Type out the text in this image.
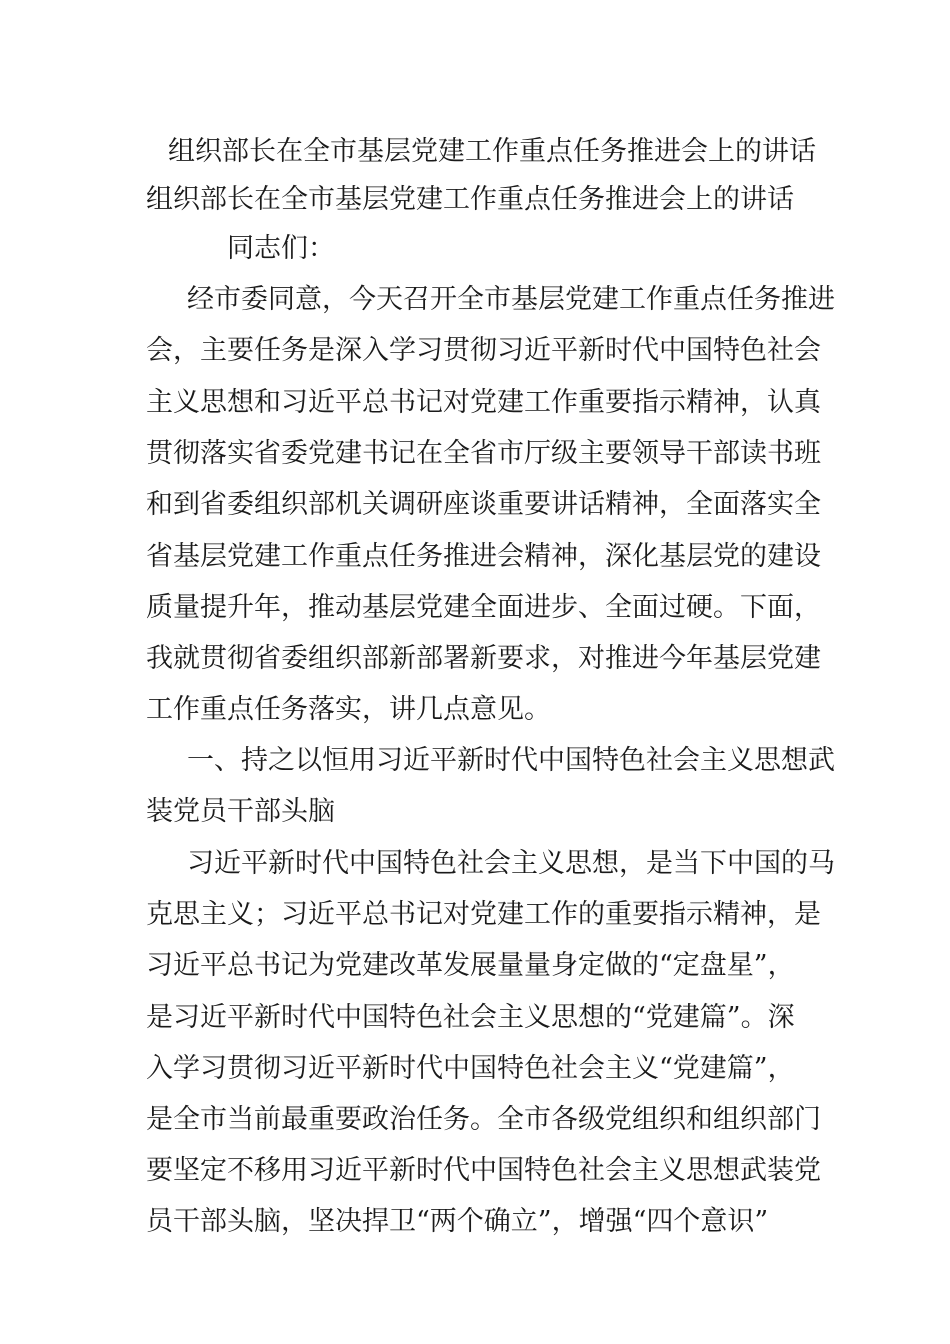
组织部长在全市基层党建工作重点任务推进会上的讲话
组织部长在全市基层党建工作重点任务推进会上的讲话
同志们：
经市委同意，今天召开全市基层党建工作重点任务推进
会，主要任务是深入学习贯彻习近平新时代中国特色社会
主义思想和习近平总书记对党建工作重要指示精神，认真
贯彻落实省委党建书记在全省市厅级主要领导干部读书班
和到省委组织部机关调研座谈重要讲话精神，全面落实全
省基层党建工作重点任务推进会精神，深化基层党的建设
质量提升年，推动基层党建全面进步、全面过硬。下面，
我就贯彻省委组织部新部署新要求，对推进今年基层党建
工作重点任务落实，讲几点意见。
一、持之以恒用习近平新时代中国特色社会主义思想武
装党员干部头脑
习近平新时代中国特色社会主义思想，是当下中国的马
克思主义；习近平总书记对党建工作的重要指示精神，是
习近平总书记为党建改革发展量量身定做的“定盘星”，
是习近平新时代中国特色社会主义思想的“党建篇”。深
入学习贯彻习近平新时代中国特色社会主义“党建篇”，
是全市当前最重要政治任务。全市各级党组织和组织部门
要坚定不移用习近平新时代中国特色社会主义思想武装党
员干部头脑，坚决捍卫“两个确立”，增强“四个意识”
